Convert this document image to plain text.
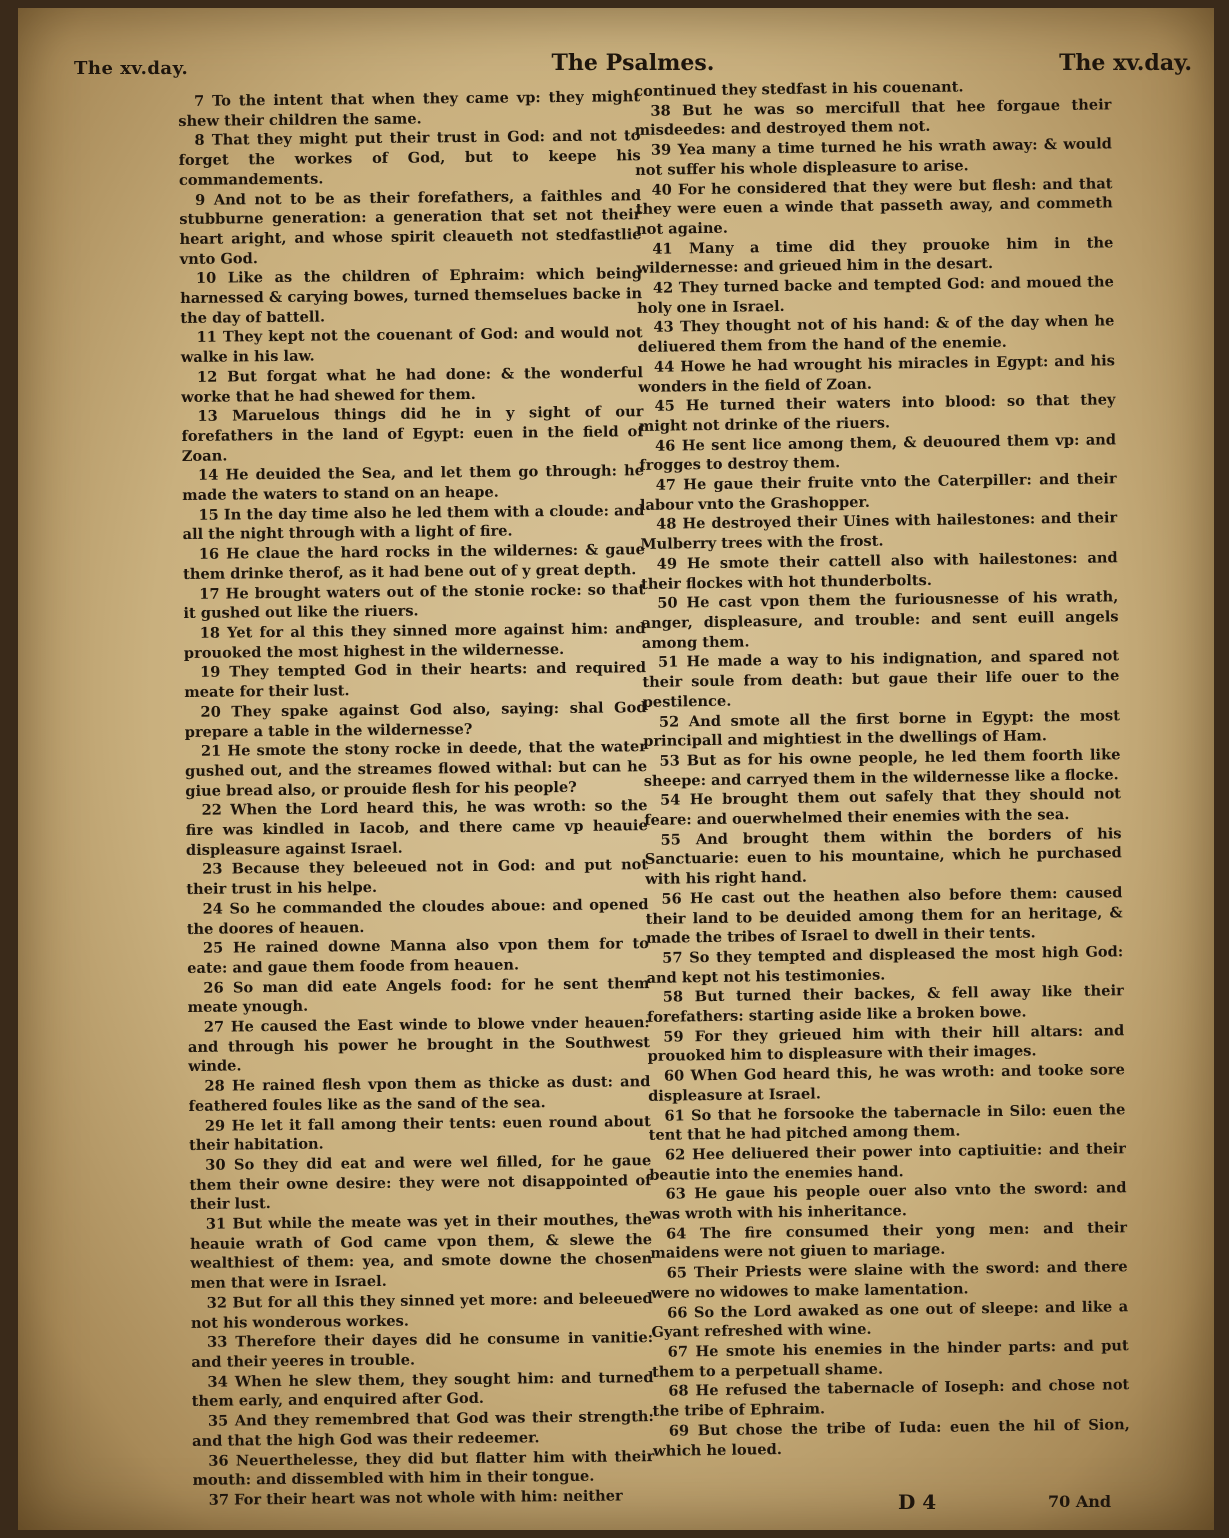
The xv.day.	The Psalmes.	The xv.day.

7 To the intent that when they came vp: they might shew their children the same.

8 That they might put their trust in God: and not to forget the workes of God, but to keepe his commandements.

9 And not to be as their forefathers, a faithles and stubburne generation: a generation that set not their heart aright, and whose spirit cleaueth not stedfastlie vnto God.

10 Like as the children of Ephraim: which being harnessed & carying bowes, turned themselues backe in the day of battell.

11 They kept not the couenant of God: and would not walke in his law.

12 But forgat what he had done: & the wonderful worke that he had shewed for them.

13 Maruelous things did he in y sight of our forefathers in the land of Egypt: euen in the field of Zoan.

14 He deuided the Sea, and let them go through: he made the waters to stand on an heape.

15 In the day time also he led them with a cloude: and all the night through with a light of fire.

16 He claue the hard rocks in the wildernes: & gaue them drinke therof, as it had bene out of y great depth.

17 He brought waters out of the stonie rocke: so that it gushed out like the riuers.

18 Yet for al this they sinned more against him: and prouoked the most highest in the wildernesse.

19 They tempted God in their hearts: and required meate for their lust.

20 They spake against God also, saying: shal God prepare a table in the wildernesse?

21 He smote the stony rocke in deede, that the water gushed out, and the streames flowed withal: but can he giue bread also, or prouide flesh for his people?

22 When the Lord heard this, he was wroth: so the fire was kindled in Iacob, and there came vp heauie displeasure against Israel.

23 Because they beleeued not in God: and put not their trust in his helpe.

24 So he commanded the cloudes aboue: and opened the doores of heauen.

25 He rained downe Manna also vpon them for to eate: and gaue them foode from heauen.

26 So man did eate Angels food: for he sent them meate ynough.

27 He caused the East winde to blowe vnder heauen: and through his power he brought in the Southwest winde.

28 He rained flesh vpon them as thicke as dust: and feathered foules like as the sand of the sea.

29 He let it fall among their tents: euen round about their habitation.

30 So they did eat and were wel filled, for he gaue them their owne desire: they were not disappointed of their lust.

31 But while the meate was yet in their mouthes, the heauie wrath of God came vpon them, & slewe the wealthiest of them: yea, and smote downe the chosen men that were in Israel.

32 But for all this they sinned yet more: and beleeued not his wonderous workes.

33 Therefore their dayes did he consume in vanitie: and their yeeres in trouble.

34 When he slew them, they sought him: and turned them early, and enquired after God.

35 And they remembred that God was their strength: and that the high God was their redeemer.

36 Neuerthelesse, they did but flatter him with their mouth: and dissembled with him in their tongue.

37 For their heart was not whole with him: neither

continued they stedfast in his couenant.

38 But he was so mercifull that hee forgaue their misdeedes: and destroyed them not.

39 Yea many a time turned he his wrath away: & would not suffer his whole displeasure to arise.

40 For he considered that they were but flesh: and that they were euen a winde that passeth away, and commeth not againe.

41 Many a time did they prouoke him in the wildernesse: and grieued him in the desart.

42 They turned backe and tempted God: and moued the holy one in Israel.

43 They thought not of his hand: & of the day when he deliuered them from the hand of the enemie.

44 Howe he had wrought his miracles in Egypt: and his wonders in the field of Zoan.

45 He turned their waters into blood: so that they might not drinke of the riuers.

46 He sent lice among them, & deuoured them vp: and frogges to destroy them.

47 He gaue their fruite vnto the Caterpiller: and their labour vnto the Grashopper.

48 He destroyed their Uines with hailestones: and their Mulberry trees with the frost.

49 He smote their cattell also with hailestones: and their flockes with hot thunderbolts.

50 He cast vpon them the furiousnesse of his wrath, anger, displeasure, and trouble: and sent euill angels among them.

51 He made a way to his indignation, and spared not their soule from death: but gaue their life ouer to the pestilence.

52 And smote all the first borne in Egypt: the most principall and mightiest in the dwellings of Ham.

53 But as for his owne people, he led them foorth like sheepe: and carryed them in the wildernesse like a flocke.

54 He brought them out safely that they should not feare: and ouerwhelmed their enemies with the sea.

55 And brought them within the borders of his Sanctuarie: euen to his mountaine, which he purchased with his right hand.

56 He cast out the heathen also before them: caused their land to be deuided among them for an heritage, & made the tribes of Israel to dwell in their tents.

57 So they tempted and displeased the most high God: and kept not his testimonies.

58 But turned their backes, & fell away like their forefathers: starting aside like a broken bowe.

59 For they grieued him with their hill altars: and prouoked him to displeasure with their images.

60 When God heard this, he was wroth: and tooke sore displeasure at Israel.

61 So that he forsooke the tabernacle in Silo: euen the tent that he had pitched among them.

62 Hee deliuered their power into captiuitie: and their beautie into the enemies hand.

63 He gaue his people ouer also vnto the sword: and was wroth with his inheritance.

64 The fire consumed their yong men: and their maidens were not giuen to mariage.

65 Their Priests were slaine with the sword: and there were no widowes to make lamentation.

66 So the Lord awaked as one out of sleepe: and like a Gyant refreshed with wine.

67 He smote his enemies in the hinder parts: and put them to a perpetuall shame.

68 He refused the tabernacle of Ioseph: and chose not the tribe of Ephraim.

69 But chose the tribe of Iuda: euen the hil of Sion, which he loued.

D 4	70 And
